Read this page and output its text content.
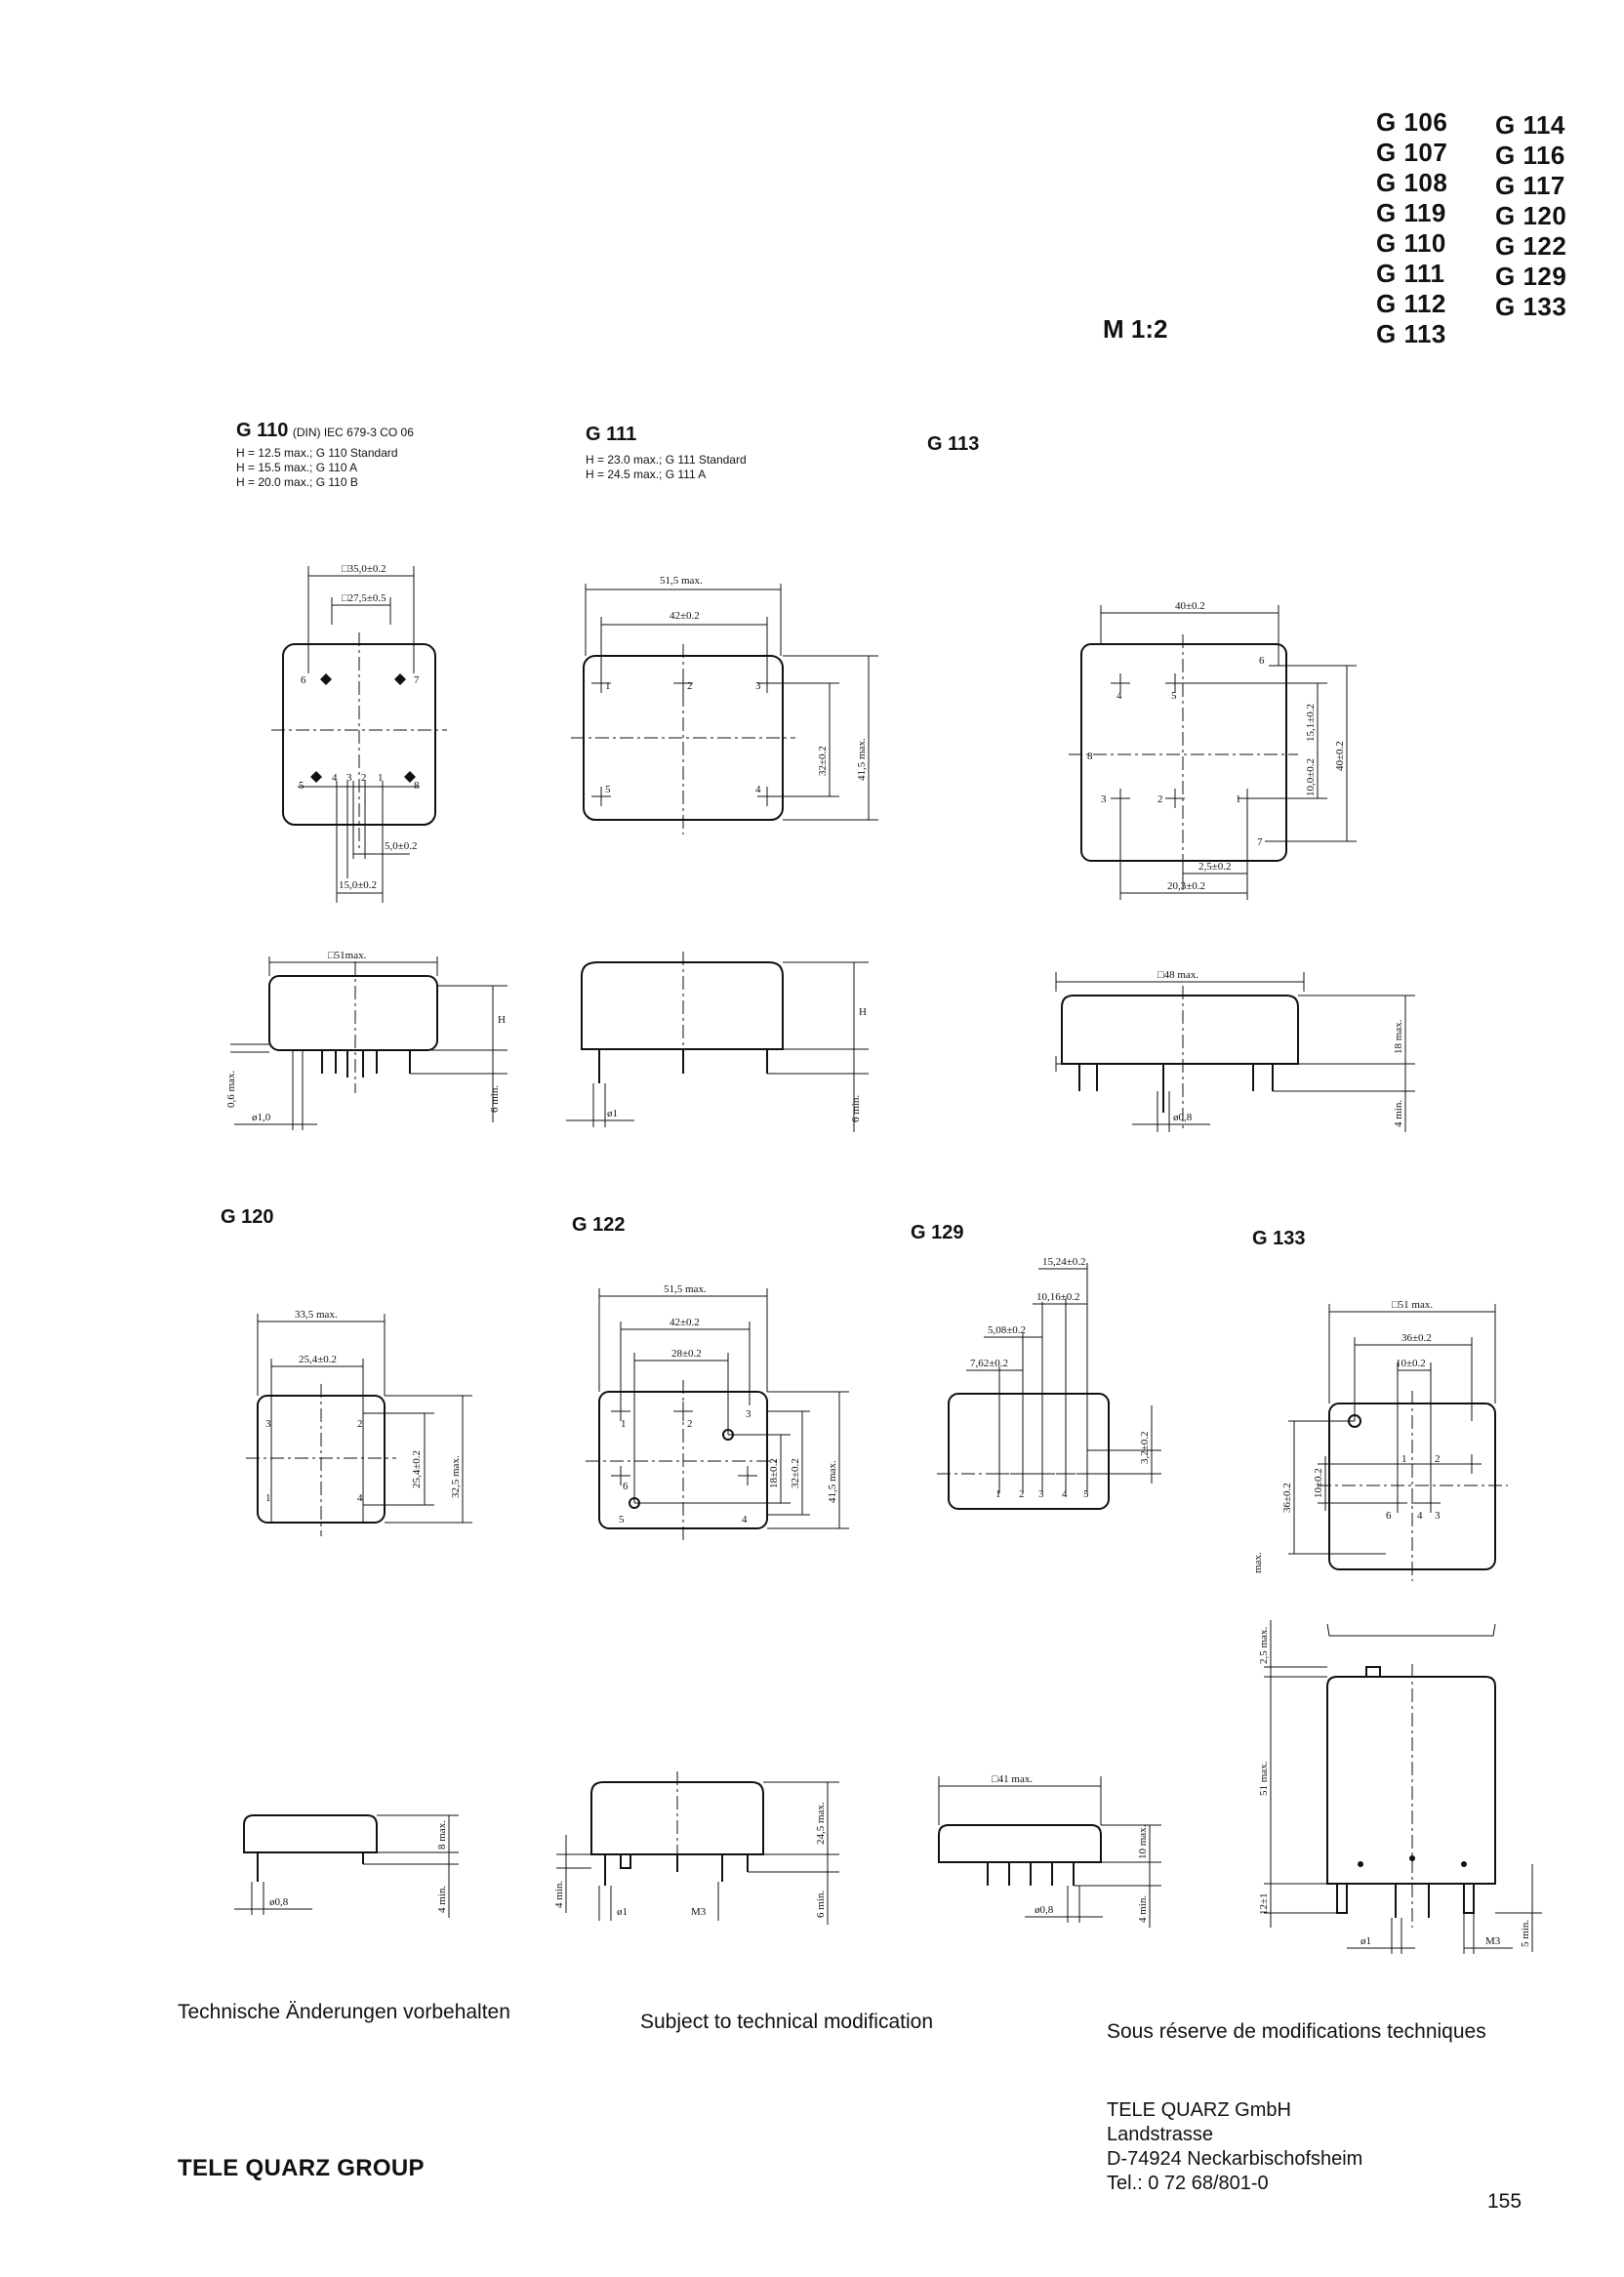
G 106
G 107
G 108
G 119
G 110
G 111
G 112
G 113
G 114
G 116
G 117
G 120
G 122
G 129
G 133
M 1:2
G 110 (DIN) IEC 679-3 CO 06
H = 12.5 max.; G 110 Standard
H = 15.5 max.; G 110 A
H = 20.0 max.; G 110 B
G 111
H = 23.0 max.; G 111 Standard
H = 24.5 max.; G 111 A
G 113
G 120	G 122	G 129	G 133
□35,0±0.2
□27,5±0.5
6	7
5
4 3 2 1
8
5,0±0.2
15,0±0.2
□51max.
H
6 min.
0,6 max.
ø1,0
51,5 max.
42±0.2
1	2	3
5	4
32±0.2	41,5 max.
H
6 min.
ø1
40±0.2
4	5
6
8
3	2	1
7
40±0.2
15,1±0.2
10,0±0.2
2,5±0.2
20,3±0.2
□48 max.
18 max.
4 min.
ø0,8
33,5 max.
25,4±0.2
3	2
1	4
25,4±0.2	32,5 max.
8 max.
4 min.
ø0,8
51,5 max.
42±0.2
28±0.2
1	2
3
6
5	4
18±0.2 32±0.2 41,5 max.
24,5 max.
6 min.
4 min.
ø1	M3
15,24±0.2
10,16±0.2
5,08±0.2
7,62±0.2
1 2 3 4 5
3,2±0.2
□41 max.
10 max.
4 min.
ø0,8
□51 max.
36±0.2
10±0.2
1	2
6 4 3
36±0.2 10±0.2
max.
2,5 max.
51 max.
12±1
5 min.
ø1	M3
Technische Änderungen vorbehalten	Subject to technical modification	Sous réserve de modifications techniques
TELE QUARZ GmbH
Landstrasse
D-74924 Neckarbischofsheim
Tel.: 0 72 68/801-0
TELE QUARZ GROUP
155
